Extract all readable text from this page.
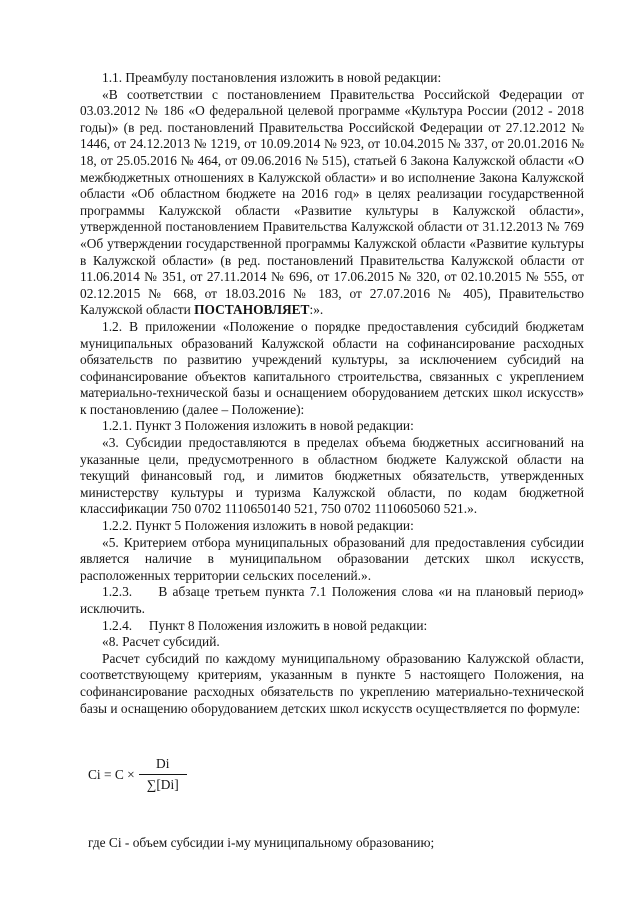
1.1. Преамбулу постановления изложить в новой редакции:

«В соответствии с постановлением Правительства Российской Федерации от 03.03.2012 № 186 «О федеральной целевой программе «Культура России (2012 - 2018 годы)» (в ред. постановлений Правительства Российской Федерации от 27.12.2012 № 1446, от 24.12.2013 № 1219, от 10.09.2014 № 923, от 10.04.2015 № 337, от 20.01.2016 № 18, от 25.05.2016 № 464, от 09.06.2016 № 515), статьей 6 Закона Калужской области «О межбюджетных отношениях в Калужской области» и во исполнение Закона Калужской области «Об областном бюджете на 2016 год» в целях реализации государственной программы Калужской области «Развитие культуры в Калужской области», утвержденной постановлением Правительства Калужской области от 31.12.2013 № 769 «Об утверждении государственной программы Калужской области «Развитие культуры в Калужской области» (в ред. постановлений Правительства Калужской области от 11.06.2014 № 351, от 27.11.2014 № 696, от 17.06.2015 № 320, от 02.10.2015 № 555, от 02.12.2015 № 668, от 18.03.2016 № 183, от 27.07.2016 № 405), Правительство Калужской области ПОСТАНОВЛЯЕТ:».

1.2. В приложении «Положение о порядке предоставления субсидий бюджетам муниципальных образований Калужской области на софинансирование расходных обязательств по развитию учреждений культуры, за исключением субсидий на софинансирование объектов капитального строительства, связанных с укреплением материально-технической базы и оснащением оборудованием детских школ искусств» к постановлению (далее – Положение):

1.2.1. Пункт 3 Положения изложить в новой редакции:

«3. Субсидии предоставляются в пределах объема бюджетных ассигнований на указанные цели, предусмотренного в областном бюджете Калужской области на текущий финансовый год, и лимитов бюджетных обязательств, утвержденных министерству культуры и туризма Калужской области, по кодам бюджетной классификации 750 0702 1110650140 521, 750 0702 1110605060 521.».

1.2.2. Пункт 5 Положения изложить в новой редакции:

«5. Критерием отбора муниципальных образований для предоставления субсидии является наличие в муниципальном образовании детских школ искусств, расположенных территории сельских поселений.».

1.2.3.     В абзаце третьем пункта 7.1 Положения слова «и на плановый период» исключить.

1.2.4.     Пункт 8 Положения изложить в новой редакции:

«8. Расчет субсидий.

Расчет субсидий по каждому муниципальному образованию Калужской области, соответствующему критериям, указанным в пункте 5 настоящего Положения, на софинансирование расходных обязательств по укреплению материально-технической базы и оснащению оборудованием детских школ искусств осуществляется по формуле:

$Ci = C \times \frac{Di}{\sum[Di]}$
где Ci - объем субсидии i-му муниципальному образованию;
